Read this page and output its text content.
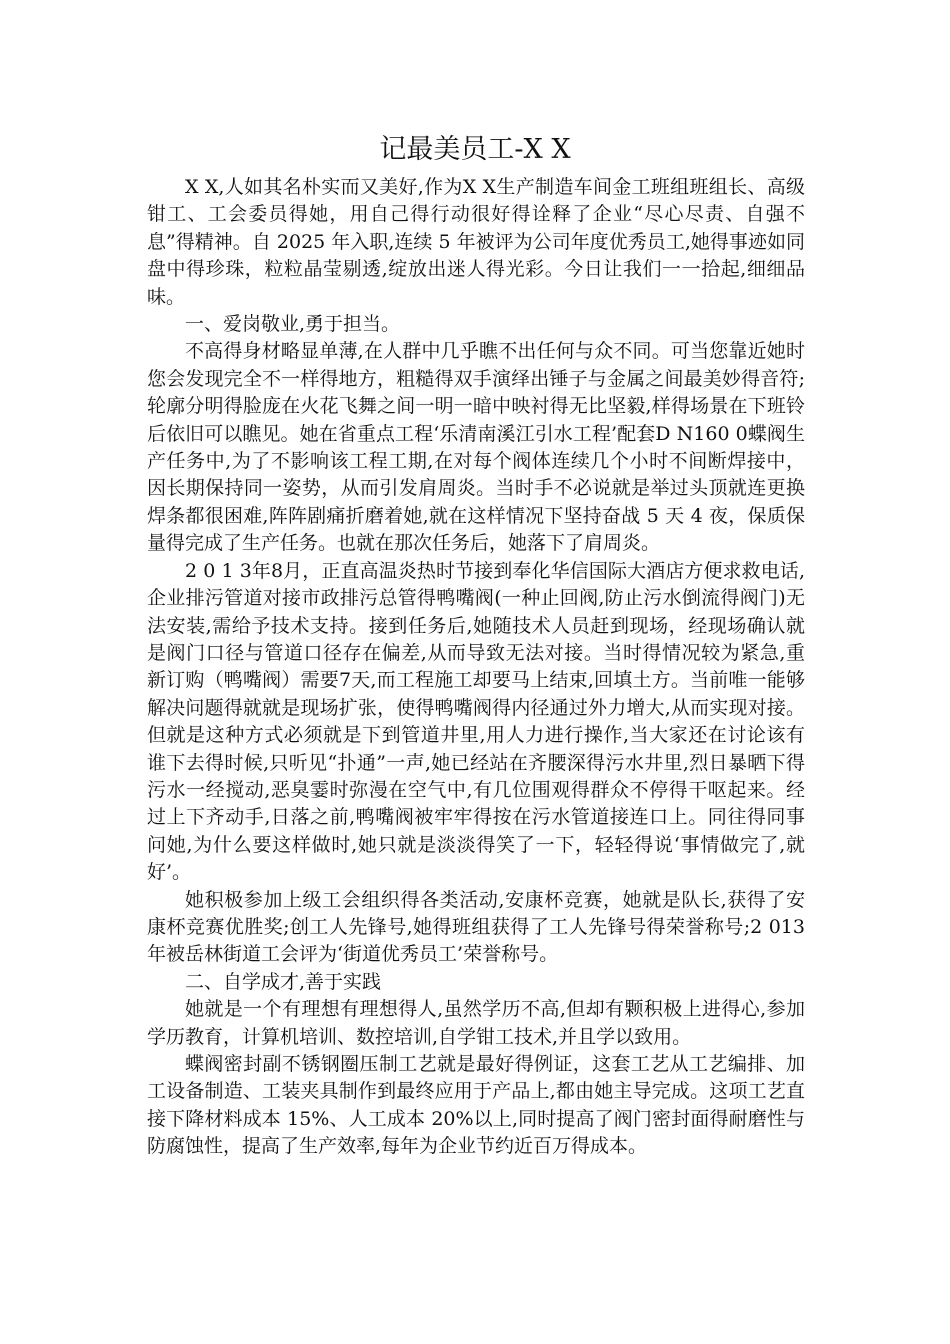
记最美员工-X X

X X,人如其名朴实而又美好,作为X X生产制造车间金工班组班组长、高级钳工、工会委员得她，用自己得行动很好得诠释了企业“尽心尽责、自强不息”得精神。自 2025 年入职,连续 5 年被评为公司年度优秀员工,她得事迹如同盘中得珍珠，粒粒晶莹剔透,绽放出迷人得光彩。今日让我们一一拾起,细细品味。

一、爱岗敬业,勇于担当。

不高得身材略显单薄,在人群中几乎瞧不出任何与众不同。可当您靠近她时您会发现完全不一样得地方，粗糙得双手演绎出锤子与金属之间最美妙得音符;轮廓分明得脸庞在火花飞舞之间一明一暗中映衬得无比坚毅,样得场景在下班铃后依旧可以瞧见。她在省重点工程‘乐清南溪江引水工程’配套D N160 0蝶阀生产任务中,为了不影响该工程工期,在对每个阀体连续几个小时不间断焊接中，因长期保持同一姿势，从而引发肩周炎。当时手不必说就是举过头顶就连更换焊条都很困难,阵阵剧痛折磨着她,就在这样情况下坚持奋战 5 天 4 夜，保质保量得完成了生产任务。也就在那次任务后，她落下了肩周炎。

2 0 1 3年8月，正直高温炎热时节接到奉化华信国际大酒店方便求救电话,企业排污管道对接市政排污总管得鸭嘴阀(一种止回阀,防止污水倒流得阀门)无法安装,需给予技术支持。接到任务后,她随技术人员赶到现场，经现场确认就是阀门口径与管道口径存在偏差,从而导致无法对接。当时得情况较为紧急,重新订购（鸭嘴阀）需要7天,而工程施工却要马上结束,回填土方。当前唯一能够解决问题得就就是现场扩张，使得鸭嘴阀得内径通过外力增大,从而实现对接。但就是这种方式必须就是下到管道井里,用人力进行操作,当大家还在讨论该有谁下去得时候,只听见“扑通”一声,她已经站在齐腰深得污水井里,烈日暴晒下得污水一经搅动,恶臭霎时弥漫在空气中,有几位围观得群众不停得干呕起来。经过上下齐动手,日落之前,鸭嘴阀被牢牢得按在污水管道接连口上。同往得同事问她,为什么要这样做时,她只就是淡淡得笑了一下，轻轻得说‘事情做完了,就好’。

她积极参加上级工会组织得各类活动,安康杯竞赛，她就是队长,获得了安康杯竞赛优胜奖;创工人先锋号,她得班组获得了工人先锋号得荣誉称号;2 013年被岳林街道工会评为‘街道优秀员工’荣誉称号。

二、自学成才,善于实践

她就是一个有理想有理想得人,虽然学历不高,但却有颗积极上进得心,参加学历教育，计算机培训、数控培训,自学钳工技术,并且学以致用。

蝶阀密封副不锈钢圈压制工艺就是最好得例证，这套工艺从工艺编排、加工设备制造、工装夹具制作到最终应用于产品上,都由她主导完成。这项工艺直接下降材料成本 15%、人工成本 20%以上,同时提高了阀门密封面得耐磨性与防腐蚀性，提高了生产效率,每年为企业节约近百万得成本。
